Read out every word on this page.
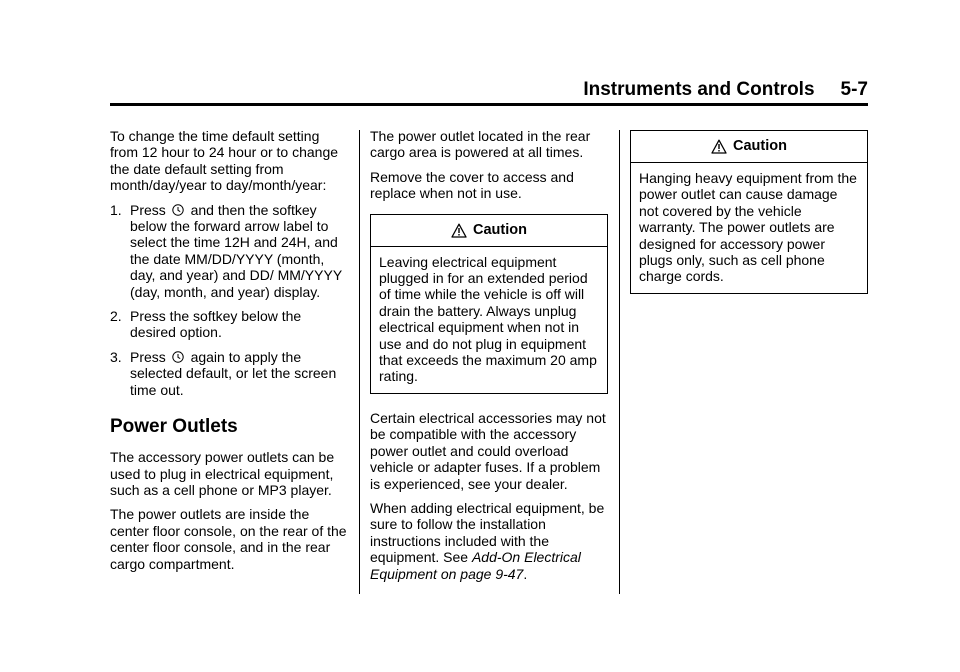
Instruments and Controls 5-7

To change the time default setting from 12 hour to 24 hour or to change the date default setting from month/day/year to day/month/year:

1. Press and then the softkey below the forward arrow label to select the time 12H and 24H, and the date MM/DD/YYYY (month, day, and year) and DD/ MM/YYYY (day, month, and year) display.
2. Press the softkey below the desired option.
3. Press again to apply the selected default, or let the screen time out.
Power Outlets

The accessory power outlets can be used to plug in electrical equipment, such as a cell phone or MP3 player.

The power outlets are inside the center floor console, on the rear of the center floor console, and in the rear cargo compartment.

The power outlet located in the rear cargo area is powered at all times.

Remove the cover to access and replace when not in use.

Caution
Leaving electrical equipment plugged in for an extended period of time while the vehicle is off will drain the battery. Always unplug electrical equipment when not in use and do not plug in equipment that exceeds the maximum 20 amp rating.

Certain electrical accessories may not be compatible with the accessory power outlet and could overload vehicle or adapter fuses. If a problem is experienced, see your dealer.

When adding electrical equipment, be sure to follow the installation instructions included with the equipment. See Add-On Electrical Equipment on page 9-47.

Caution
Hanging heavy equipment from the power outlet can cause damage not covered by the vehicle warranty. The power outlets are designed for accessory power plugs only, such as cell phone charge cords.
